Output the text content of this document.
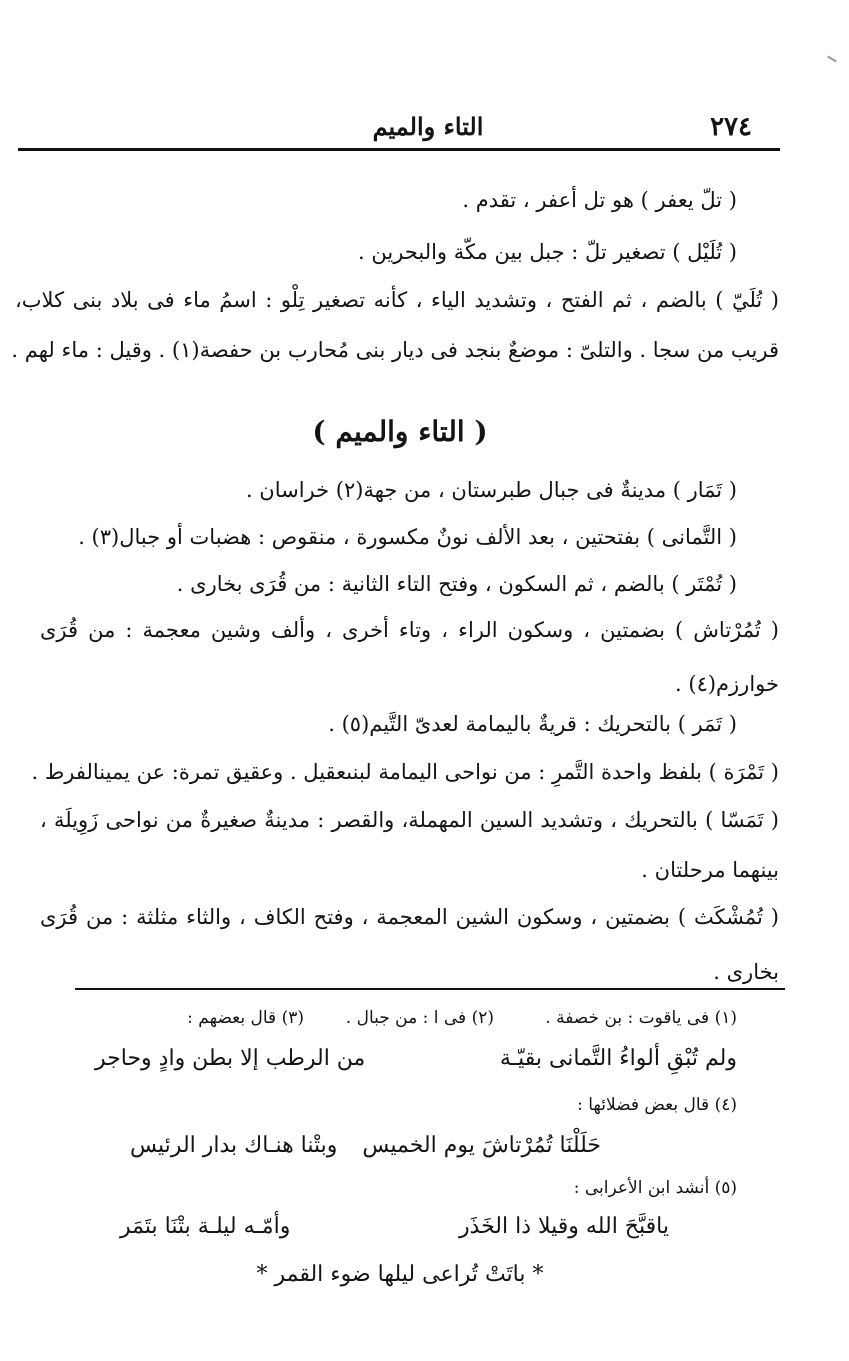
٢٧٤
التاء والميم
( تلّ يعفر ) هو تل أعفر ، تقدم .
( تُلَيْل ) تصغير تلّ : جبل بين مكّة والبحرين .
( تُلَيّ ) بالضم ، ثم الفتح ، وتشديد الياء ، كأنه تصغير تِلْو : اسمُ ماء فى بلاد بنى كلاب،
قريب من سجا . والتلىّ : موضعٌ بنجد فى ديار بنى مُحارب بن حفصة(١) . وقيل : ماء لهم .
( التاء والميم )
( تَمَار ) مدينةٌ فى جبال طبرستان ، من جهة(٢) خراسان .
( التَّمانى ) بفتحتين ، بعد الألف نونٌ مكسورة ، منقوص : هضبات أو جبال(٣) .
( تُمْتَر ) بالضم ، ثم السكون ، وفتح التاء الثانية : من قُرَى بخارى .
( تُمُرْتاش ) بضمتين ، وسكون الراء ، وتاء أخرى ، وألف وشين معجمة : من قُرَى
خوارزم(٤) .
( تَمَر ) بالتحريك : قريةٌ باليمامة لعدىّ التَّيم(٥) .
( تَمْرَة ) بلفظ واحدة التَّمرِ : من نواحى اليمامة لبنىعقيل . وعقيق تمرة: عن يمينالفرط .
( تَمَسّا ) بالتحريك ، وتشديد السين المهملة، والقصر : مدينةٌ صغيرةٌ من نواحى زَوِيلَة ،
بينهما مرحلتان .
( تُمُشْكَث ) بضمتين ، وسكون الشين المعجمة ، وفتح الكاف ، والثاء مثلثة : من قُرَى
بخارى .
(١) فى ياقوت : بن خصفة .
(٢) فى ا : من جبال .
(٣) قال بعضهم :
ولم تُبْقِ ألواءُ التَّمانى بقيّـة
من الرطب إلا بطن وادٍ وحاجر
(٤) قال بعض فضلائها :
حَلَلْنَا تُمُرْتاشَ يوم الخميس
وبتْنا هنـاك بدار الرئيس
(٥) أنشد ابن الأعرابى :
ياقبَّحَ الله وقيلا ذا الخَذَر
وأمّـه ليلـة بتْنَا بتَمَر
* باتَتْ تُراعى ليلها ضوء القمر *
